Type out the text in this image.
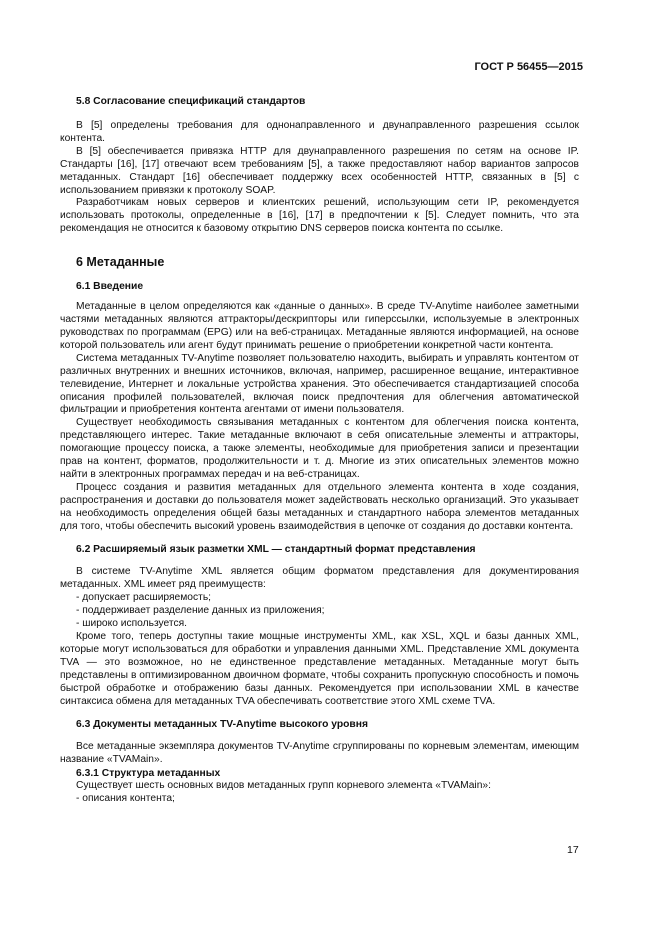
ГОСТ Р 56455—2015
5.8 Согласование спецификаций стандартов

В [5] определены требования для однонаправленного и двунаправленного разрешения ссылок контента.

В [5] обеспечивается привязка HTTP для двунаправленного разрешения по сетям на основе IP. Стандарты [16], [17] отвечают всем требованиям [5], а также предоставляют набор вариантов запросов метаданных. Стандарт [16] обеспечивает поддержку всех особенностей HTTP, связанных в [5] с использованием привязки к протоколу SOAP.

Разработчикам новых серверов и клиентских решений, использующим сети IP, рекомендуется использовать протоколы, определенные в [16], [17] в предпочтении к [5]. Следует помнить, что эта рекомендация не относится к базовому открытию DNS серверов поиска контента по ссылке.

6 Метаданные
6.1 Введение

Метаданные в целом определяются как «данные о данных». В среде TV-Anytime наиболее заметными частями метаданных являются аттракторы/дескрипторы или гиперссылки, используемые в электронных руководствах по программам (EPG) или на веб-страницах. Метаданные являются информацией, на основе которой пользователь или агент будут принимать решение о приобретении конкретной части контента.

Система метаданных TV-Anytime позволяет пользователю находить, выбирать и управлять контентом от различных внутренних и внешних источников, включая, например, расширенное вещание, интерактивное телевидение, Интернет и локальные устройства хранения. Это обеспечивается стандартизацией способа описания профилей пользователей, включая поиск предпочтения для облегчения автоматической фильтрации и приобретения контента агентами от имени пользователя.

Существует необходимость связывания метаданных с контентом для облегчения поиска контента, представляющего интерес. Такие метаданные включают в себя описательные элементы и аттракторы, помогающие процессу поиска, а также элементы, необходимые для приобретения записи и презентации прав на контент, форматов, продолжительности и т. д. Многие из этих описательных элементов можно найти в электронных программах передач и на веб-страницах.

Процесс создания и развития метаданных для отдельного элемента контента в ходе создания, распространения и доставки до пользователя может задействовать несколько организаций. Это указывает на необходимость определения общей базы метаданных и стандартного набора элементов метаданных для того, чтобы обеспечить высокий уровень взаимодействия в цепочке от создания до доставки контента.

6.2 Расширяемый язык разметки XML — стандартный формат представления

В системе TV-Anytime XML является общим форматом представления для документирования метаданных. XML имеет ряд преимуществ:

- допускает расширяемость;
- поддерживает разделение данных из приложения;
- широко используется.

Кроме того, теперь доступны такие мощные инструменты XML, как XSL, XQL и базы данных XML, которые могут использоваться для обработки и управления данными XML. Представление XML документа TVA — это возможное, но не единственное представление метаданных. Метаданные могут быть представлены в оптимизированном двоичном формате, чтобы сохранить пропускную способность и помочь быстрой обработке и отображению базы данных. Рекомендуется при использовании XML в качестве синтаксиса обмена для метаданных TVA обеспечивать соответствие этого XML схеме TVA.

6.3 Документы метаданных TV-Anytime высокого уровня

Все метаданные экземпляра документов TV-Anytime сгруппированы по корневым элементам, имеющим название «TVAMain».

6.3.1 Структура метаданных

Существует шесть основных видов метаданных групп корневого элемента «TVAMain»:

- описания контента;
17
